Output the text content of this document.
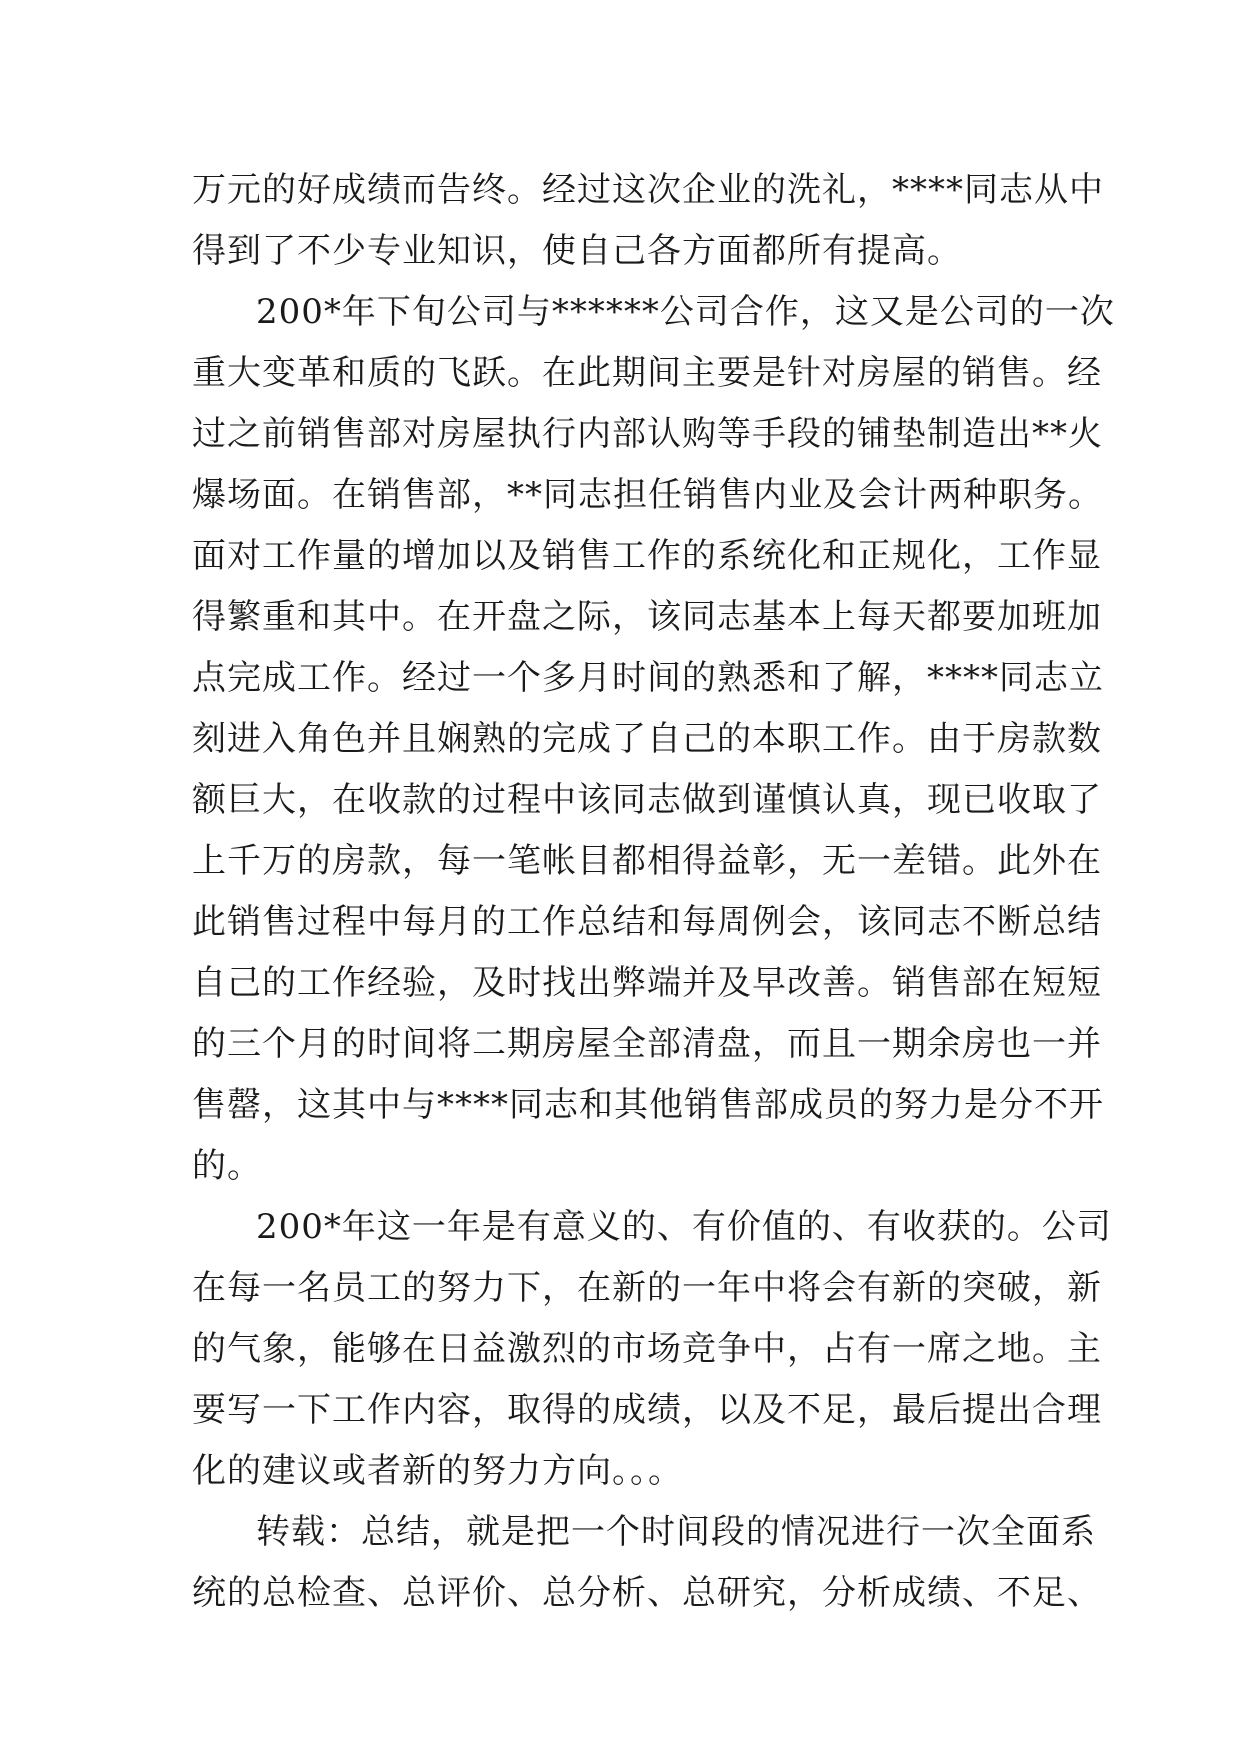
万元的好成绩而告终。经过这次企业的洗礼，****同志从中
得到了不少专业知识，使自己各方面都所有提高。
200*年下旬公司与******公司合作，这又是公司的一次
重大变革和质的飞跃。在此期间主要是针对房屋的销售。经
过之前销售部对房屋执行内部认购等手段的铺垫制造出**火
爆场面。在销售部，**同志担任销售内业及会计两种职务。
面对工作量的增加以及销售工作的系统化和正规化，工作显
得繁重和其中。在开盘之际，该同志基本上每天都要加班加
点完成工作。经过一个多月时间的熟悉和了解，****同志立
刻进入角色并且娴熟的完成了自己的本职工作。由于房款数
额巨大，在收款的过程中该同志做到谨慎认真，现已收取了
上千万的房款，每一笔帐目都相得益彰，无一差错。此外在
此销售过程中每月的工作总结和每周例会，该同志不断总结
自己的工作经验，及时找出弊端并及早改善。销售部在短短
的三个月的时间将二期房屋全部清盘，而且一期余房也一并
售罄，这其中与****同志和其他销售部成员的努力是分不开
的。
200*年这一年是有意义的、有价值的、有收获的。公司
在每一名员工的努力下，在新的一年中将会有新的突破，新
的气象，能够在日益激烈的市场竞争中，占有一席之地。主
要写一下工作内容，取得的成绩，以及不足，最后提出合理
化的建议或者新的努力方向。。。
转载：总结，就是把一个时间段的情况进行一次全面系
统的总检查、总评价、总分析、总研究，分析成绩、不足、
